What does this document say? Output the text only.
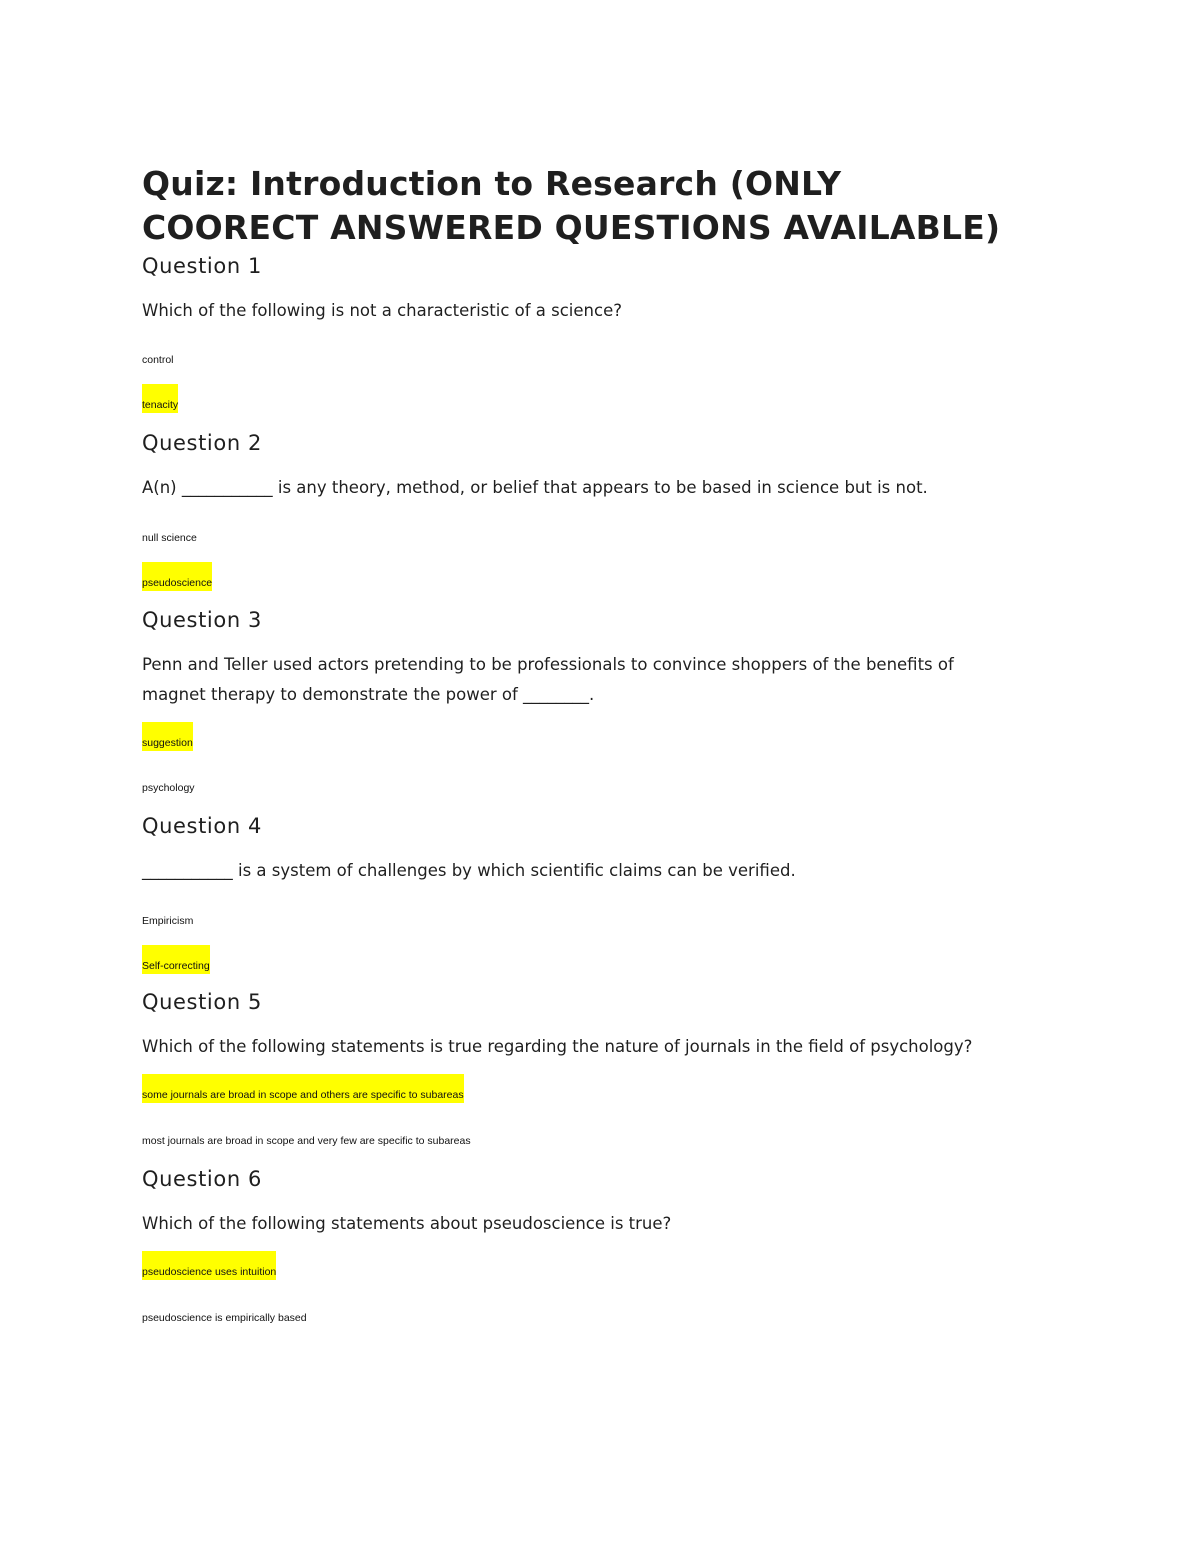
Quiz: Introduction to Research (ONLY
COORECT ANSWERED QUESTIONS AVAILABLE)
Question 1

Which of the following is not a characteristic of a science?

control
tenacity
Question 2

A(n) ___________ is any theory, method, or belief that appears to be based in science but is not.

null science
pseudoscience
Question 3

Penn and Teller used actors pretending to be professionals to convince shoppers of the benefits of

magnet therapy to demonstrate the power of ________.

suggestion
psychology
Question 4

___________ is a system of challenges by which scientific claims can be verified.

Empiricism
Self-correcting
Question 5

Which of the following statements is true regarding the nature of journals in the field of psychology?

some journals are broad in scope and others are specific to subareas
most journals are broad in scope and very few are specific to subareas
Question 6

Which of the following statements about pseudoscience is true?

pseudoscience uses intuition
pseudoscience is empirically based
